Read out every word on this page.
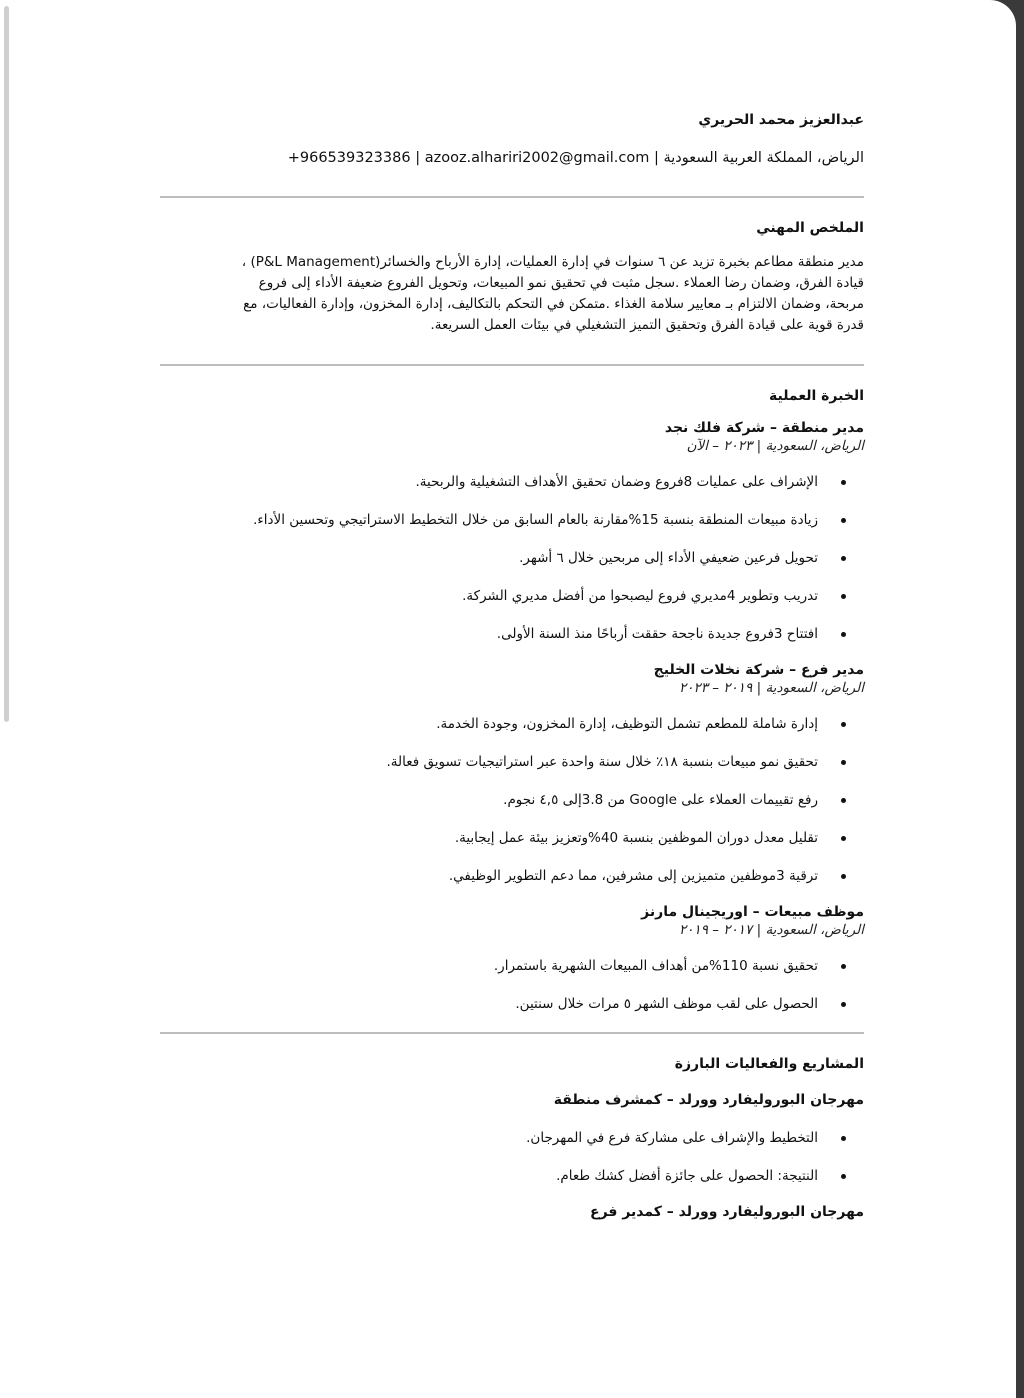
عبدالعزيز محمد الحريري
الرياض، المملكة العربية السعودية | azooz.alhariri2002@gmail.com | +966539323386
الملخص المهني
مدير منطقة مطاعم بخبرة تزيد عن ٦ سنوات في إدارة العمليات، إدارة الأرباح والخسائر(P&L Management) ،
قيادة الفرق، وضمان رضا العملاء .سجل مثبت في تحقيق نمو المبيعات، وتحويل الفروع ضعيفة الأداء إلى فروع
مربحة، وضمان الالتزام بـ معايير سلامة الغذاء .متمكن في التحكم بالتكاليف، إدارة المخزون، وإدارة الفعاليات، مع
قدرة قوية على قيادة الفرق وتحقيق التميز التشغيلي في بيئات العمل السريعة.
الخبرة العملية
مدير منطقة – شركة فلك نجد
الرياض، السعودية | ٢٠٢٣ – الآن
الإشراف على عمليات 8فروع وضمان تحقيق الأهداف التشغيلية والربحية.
زيادة مبيعات المنطقة بنسبة 15%مقارنة بالعام السابق من خلال التخطيط الاستراتيجي وتحسين الأداء.
تحويل فرعين ضعيفي الأداء إلى مربحين خلال ٦ أشهر.
تدريب وتطوير 4مديري فروع ليصبحوا من أفضل مديري الشركة.
افتتاح 3فروع جديدة ناجحة حققت أرباحًا منذ السنة الأولى.
مدير فرع – شركة نخلات الخليج
الرياض، السعودية | ٢٠١٩ – ٢٠٢٣
إدارة شاملة للمطعم تشمل التوظيف، إدارة المخزون، وجودة الخدمة.
تحقيق نمو مبيعات بنسبة ١٨٪ خلال سنة واحدة عبر استراتيجيات تسويق فعالة.
رفع تقييمات العملاء على Google من 3.8إلى ٤,٥ نجوم.
تقليل معدل دوران الموظفين بنسبة 40%وتعزيز بيئة عمل إيجابية.
ترقية 3موظفين متميزين إلى مشرفين، مما دعم التطوير الوظيفي.
موظف مبيعات – اوريجينال مارنز
الرياض، السعودية | ٢٠١٧ – ٢٠١٩
تحقيق نسبة 110%من أهداف المبيعات الشهرية باستمرار.
الحصول على لقب موظف الشهر ٥ مرات خلال سنتين.
المشاريع والفعاليات البارزة
مهرجان البوروليفارد وورلد – كمشرف منطقة
التخطيط والإشراف على مشاركة فرع في المهرجان.
النتيجة: الحصول على جائزة أفضل كشك طعام.
مهرجان البوروليفارد وورلد – كمدير فرع
